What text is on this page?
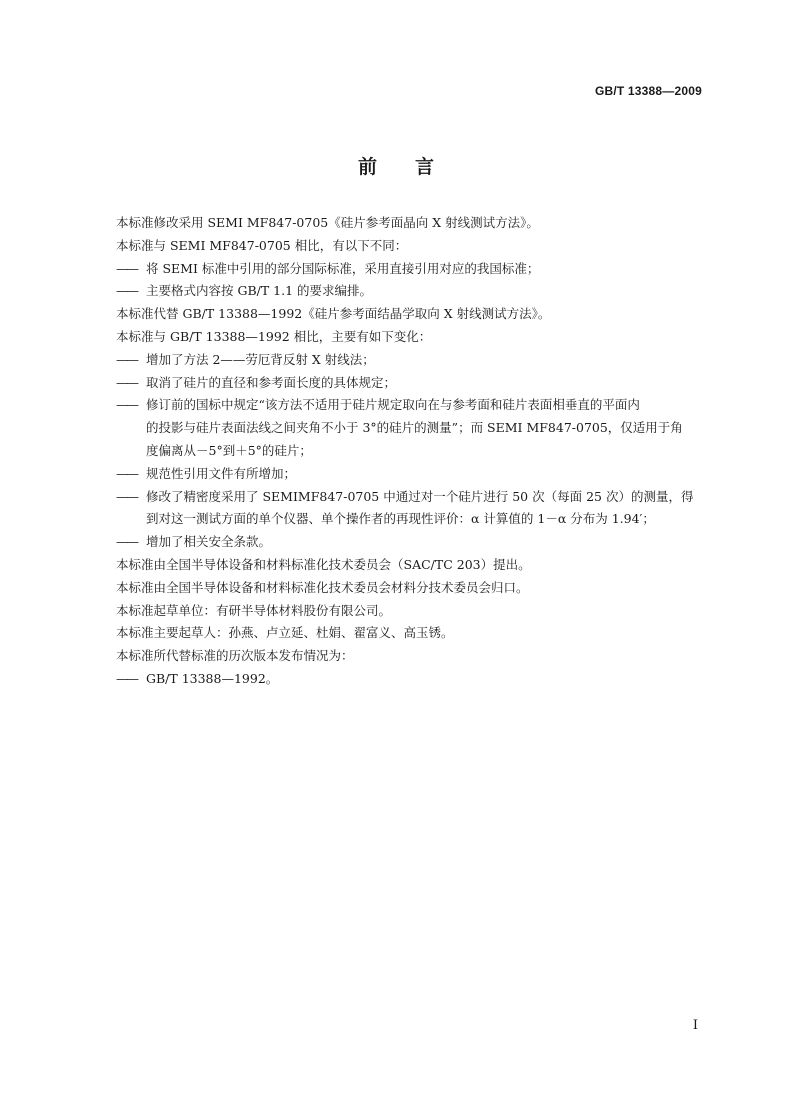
GB/T 13388—2009
前 言
本标准修改采用 SEMI MF847-0705《硅片参考面晶向 X 射线测试方法》。
本标准与 SEMI MF847-0705 相比，有以下不同：
—— 将 SEMI 标准中引用的部分国际标准，采用直接引用对应的我国标准；
—— 主要格式内容按 GB/T 1.1 的要求编排。
本标准代替 GB/T 13388—1992《硅片参考面结晶学取向 X 射线测试方法》。
本标准与 GB/T 13388—1992 相比，主要有如下变化：
—— 增加了方法 2——劳厄背反射 X 射线法；
—— 取消了硅片的直径和参考面长度的具体规定；
—— 修订前的国标中规定“该方法不适用于硅片规定取向在与参考面和硅片表面相垂直的平面内
的投影与硅片表面法线之间夹角不小于 3°的硅片的测量”；而 SEMI MF847-0705，仅适用于角
度偏离从－5°到＋5°的硅片；
—— 规范性引用文件有所增加；
—— 修改了精密度采用了 SEMIMF847-0705 中通过对一个硅片进行 50 次（每面 25 次）的测量，得
到对这一测试方面的单个仪器、单个操作者的再现性评价：α 计算值的 1－α 分布为 1.94′；
—— 增加了相关安全条款。
本标准由全国半导体设备和材料标准化技术委员会（SAC/TC 203）提出。
本标准由全国半导体设备和材料标准化技术委员会材料分技术委员会归口。
本标准起草单位：有研半导体材料股份有限公司。
本标准主要起草人：孙燕、卢立延、杜娟、翟富义、高玉锈。
本标准所代替标准的历次版本发布情况为：
—— GB/T 13388—1992。
I
